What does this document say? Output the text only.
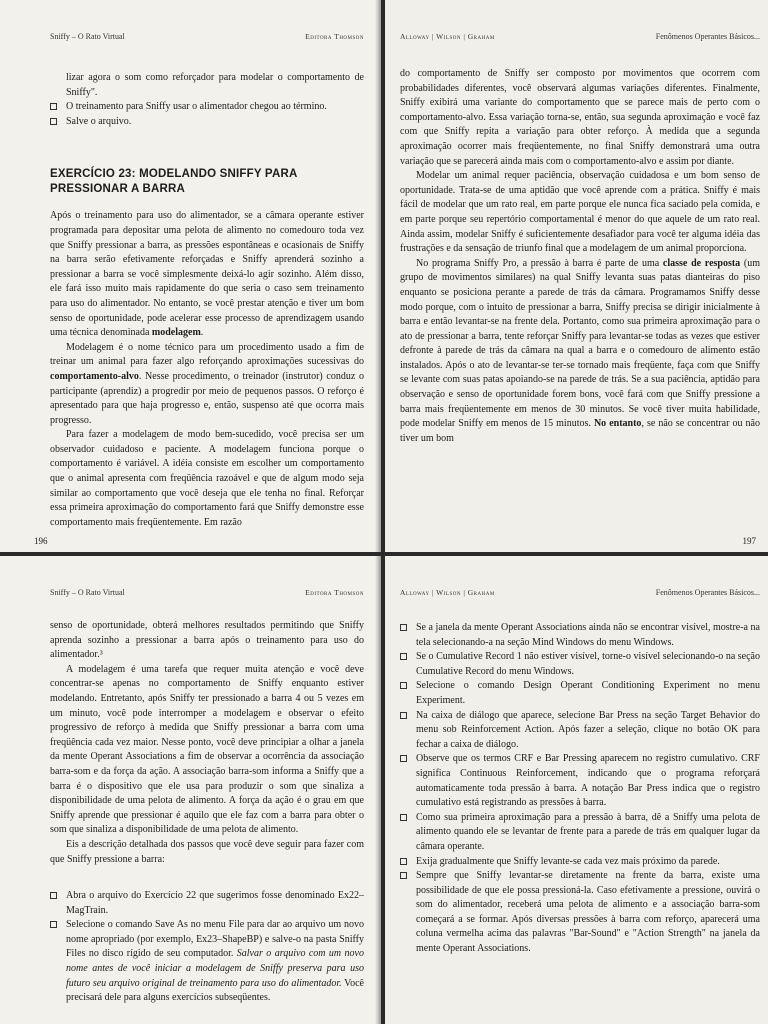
Sniffy – O Rato Virtual	Editora Thomson

lizar agora o som como reforçador para modelar o comportamento de Sniffy".

O treinamento para Sniffy usar o alimentador chegou ao término.

Salve o arquivo.

EXERCÍCIO 23: MODELANDO SNIFFY PARA PRESSIONAR A BARRA

Após o treinamento para uso do alimentador, se a câmara operante estiver programada para depositar uma pelota de alimento no comedouro toda vez que Sniffy pressionar a barra, as pressões espontâneas e ocasionais de Sniffy na barra serão efetivamente reforçadas e Sniffy aprenderá sozinho a pressionar a barra se você simplesmente deixá-lo agir sozinho. Além disso, ele fará isso muito mais rapidamente do que seria o caso sem treinamento para uso do alimentador. No entanto, se você prestar atenção e tiver um bom senso de oportunidade, pode acelerar esse processo de aprendizagem usando uma técnica denominada modelagem.

Modelagem é o nome técnico para um procedimento usado a fim de treinar um animal para fazer algo reforçando aproximações sucessivas do comportamento-alvo. Nesse procedimento, o treinador (instrutor) conduz o participante (aprendiz) a progredir por meio de pequenos passos. O reforço é apresentado para que haja progresso e, então, suspenso até que ocorra mais progresso.

Para fazer a modelagem de modo bem-sucedido, você precisa ser um observador cuidadoso e paciente. A modelagem funciona porque o comportamento é variável. A idéia consiste em escolher um comportamento que o animal apresenta com freqüência razoável e que de algum modo seja similar ao comportamento que você deseja que ele tenha no final. Reforçar essa primeira aproximação do comportamento fará que Sniffy demonstre esse comportamento mais freqüentemente. Em razão

196
Alloway | Wilson | Graham	Fenômenos Operantes Básicos...

do comportamento de Sniffy ser composto por movimentos que ocorrem com probabilidades diferentes, você observará algumas variações diferentes. Finalmente, Sniffy exibirá uma variante do comportamento que se parece mais de perto com o comportamento-alvo. Essa variação torna-se, então, sua segunda aproximação e você faz com que Sniffy repita a variação para obter reforço. À medida que a segunda aproximação ocorrer mais freqüentemente, no final Sniffy demonstrará uma outra variação que se parecerá ainda mais com o comportamento-alvo e assim por diante.

Modelar um animal requer paciência, observação cuidadosa e um bom senso de oportunidade. Trata-se de uma aptidão que você aprende com a prática. Sniffy é mais fácil de modelar que um rato real, em parte porque ele nunca fica saciado pela comida, e em parte porque seu repertório comportamental é menor do que aquele de um rato real. Ainda assim, modelar Sniffy é suficientemente desafiador para você ter alguma idéia das frustrações e da sensação de triunfo final que a modelagem de um animal proporciona.

No programa Sniffy Pro, a pressão à barra é parte de uma classe de resposta (um grupo de movimentos similares) na qual Sniffy levanta suas patas dianteiras do piso enquanto se posiciona perante a parede de trás da câmara. Programamos Sniffy desse modo porque, com o intuito de pressionar a barra, Sniffy precisa se dirigir inicialmente à barra e então levantar-se na frente dela. Portanto, como sua primeira aproximação para o ato de pressionar a barra, tente reforçar Sniffy para levantar-se todas as vezes que estiver defronte à parede de trás da câmara na qual a barra e o comedouro de alimento estão instalados. Após o ato de levantar-se ter-se tornado mais freqüente, faça com que Sniffy se levante com suas patas apoiando-se na parede de trás. Se a sua paciência, aptidão para observação e senso de oportunidade forem bons, você fará com que Sniffy pressione a barra mais freqüentemente em menos de 30 minutos. Se você tiver muita habilidade, pode modelar Sniffy em menos de 15 minutos. No entanto, se não se concentrar ou não tiver um bom

197
Sniffy – O Rato Virtual	Editora Thomson

senso de oportunidade, obterá melhores resultados permitindo que Sniffy aprenda sozinho a pressionar a barra após o treinamento para uso do alimentador.³

A modelagem é uma tarefa que requer muita atenção e você deve concentrar-se apenas no comportamento de Sniffy enquanto estiver modelando. Entretanto, após Sniffy ter pressionado a barra 4 ou 5 vezes em um minuto, você pode interromper a modelagem e observar o efeito progressivo de reforço à medida que Sniffy pressionar a barra com uma freqüência cada vez maior. Nesse ponto, você deve principiar a olhar a janela da mente Operant Associations a fim de observar a ocorrência da associação barra-som e da força da ação. A associação barra-som informa a Sniffy que a barra é o dispositivo que ele usa para produzir o som que sinaliza a disponibilidade de uma pelota de alimento. A força da ação é o grau em que Sniffy aprende que pressionar é aquilo que ele faz com a barra para obter o som que sinaliza a disponibilidade de uma pelota de alimento.

Eis a descrição detalhada dos passos que você deve seguir para fazer com que Sniffy pressione a barra:

Abra o arquivo do Exercício 22 que sugerimos fosse denominado Ex22–MagTrain.

Selecione o comando Save As no menu File para dar ao arquivo um novo nome apropriado (por exemplo, Ex23–ShapeBP) e salve-o na pasta Sniffy Files no disco rígido de seu computador. Salvar o arquivo com um novo nome antes de você iniciar a modelagem de Sniffy preserva para uso futuro seu arquivo original de treinamento para uso do alimentador. Você precisará dele para alguns exercícios subseqüentes.

Alloway | Wilson | Graham	Fenômenos Operantes Básicos...

Se a janela da mente Operant Associations ainda não se encontrar visível, mostre-a na tela selecionando-a na seção Mind Windows do menu Windows.

Se o Cumulative Record 1 não estiver visível, torne-o visível selecionando-o na seção Cumulative Record do menu Windows.

Selecione o comando Design Operant Conditioning Experiment no menu Experiment.

Na caixa de diálogo que aparece, selecione Bar Press na seção Target Behavior do menu sob Reinforcement Action. Após fazer a seleção, clique no botão OK para fechar a caixa de diálogo.

Observe que os termos CRF e Bar Pressing aparecem no registro cumulativo. CRF significa Continuous Reinforcement, indicando que o programa reforçará automaticamente toda pressão à barra. A notação Bar Press indica que o registro cumulativo está registrando as pressões à barra.

Como sua primeira aproximação para a pressão à barra, dê a Sniffy uma pelota de alimento quando ele se levantar de frente para a parede de trás em qualquer lugar da câmara operante.

Exija gradualmente que Sniffy levante-se cada vez mais próximo da parede.

Sempre que Sniffy levantar-se diretamente na frente da barra, existe uma possibilidade de que ele possa pressioná-la. Caso efetivamente a pressione, ouvirá o som do alimentador, receberá uma pelota de alimento e a associação barra-som começará a se formar. Após diversas pressões à barra com reforço, aparecerá uma coluna vermelha acima das palavras "Bar-Sound" e "Action Strength" na janela da mente Operant Associations.
